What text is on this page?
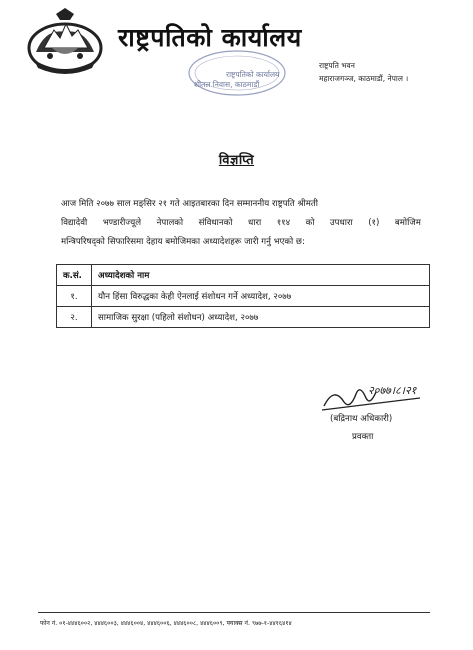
राष्ट्रपतिको कार्यालय
राष्ट्रपति भवन
महाराजगञ्ज, काठमाडौं, नेपाल ।
राष्ट्रपतिको कार्यालय
शीतल निवास, काठमाडौं
विज्ञप्ति
आज मिति २०७७ साल मङ्सिर २१ गते आइतबारका दिन सम्माननीय राष्ट्रपति श्रीमती
विद्यादेवी भण्डारीज्यूले नेपालको संविधानको धारा ११४ को उपधारा (१) बमोजिम
मन्त्रिपरिषद्को सिफारिसमा देहाय बमोजिमका अध्यादेशहरू जारी गर्नु भएको छ:
क.सं.	अध्यादेशको नाम
१.	यौन हिंसा विरुद्धका केही ऐनलाई संशोधन गर्ने अध्यादेश, २०७७
२.	सामाजिक सुरक्षा (पहिलो संशोधन) अध्यादेश, २०७७
२०७७।८।२१
(बद्रिनाथ अधिकारी)
प्रवक्ता
फोन नं. ०१-४४४६००२, ४४४६००३, ४४४६००४, ४४४६००६, ४४४६००८, ४४४६००९, फ्याक्स नं. ९७७-१-४४१६४१४
